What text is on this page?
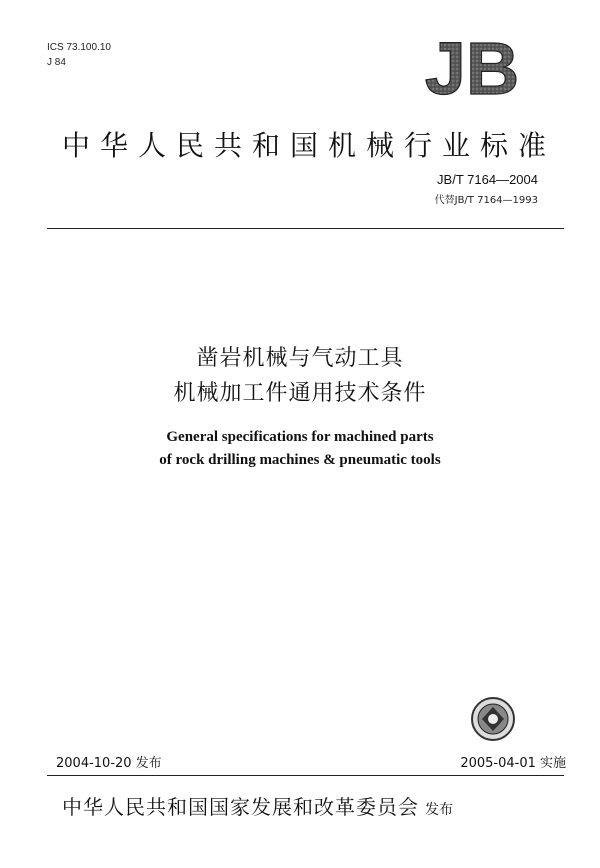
ICS 73.100.10
J 84	JB
中华人民共和国机械行业标准
JB/T 7164—2004
代替JB/T 7164—1993
凿岩机械与气动工具
机械加工件通用技术条件
General specifications for machined parts
of rock drilling machines & pneumatic tools
2004-10-20 发布	2005-04-01 实施
中华人民共和国国家发展和改革委员会 发布
